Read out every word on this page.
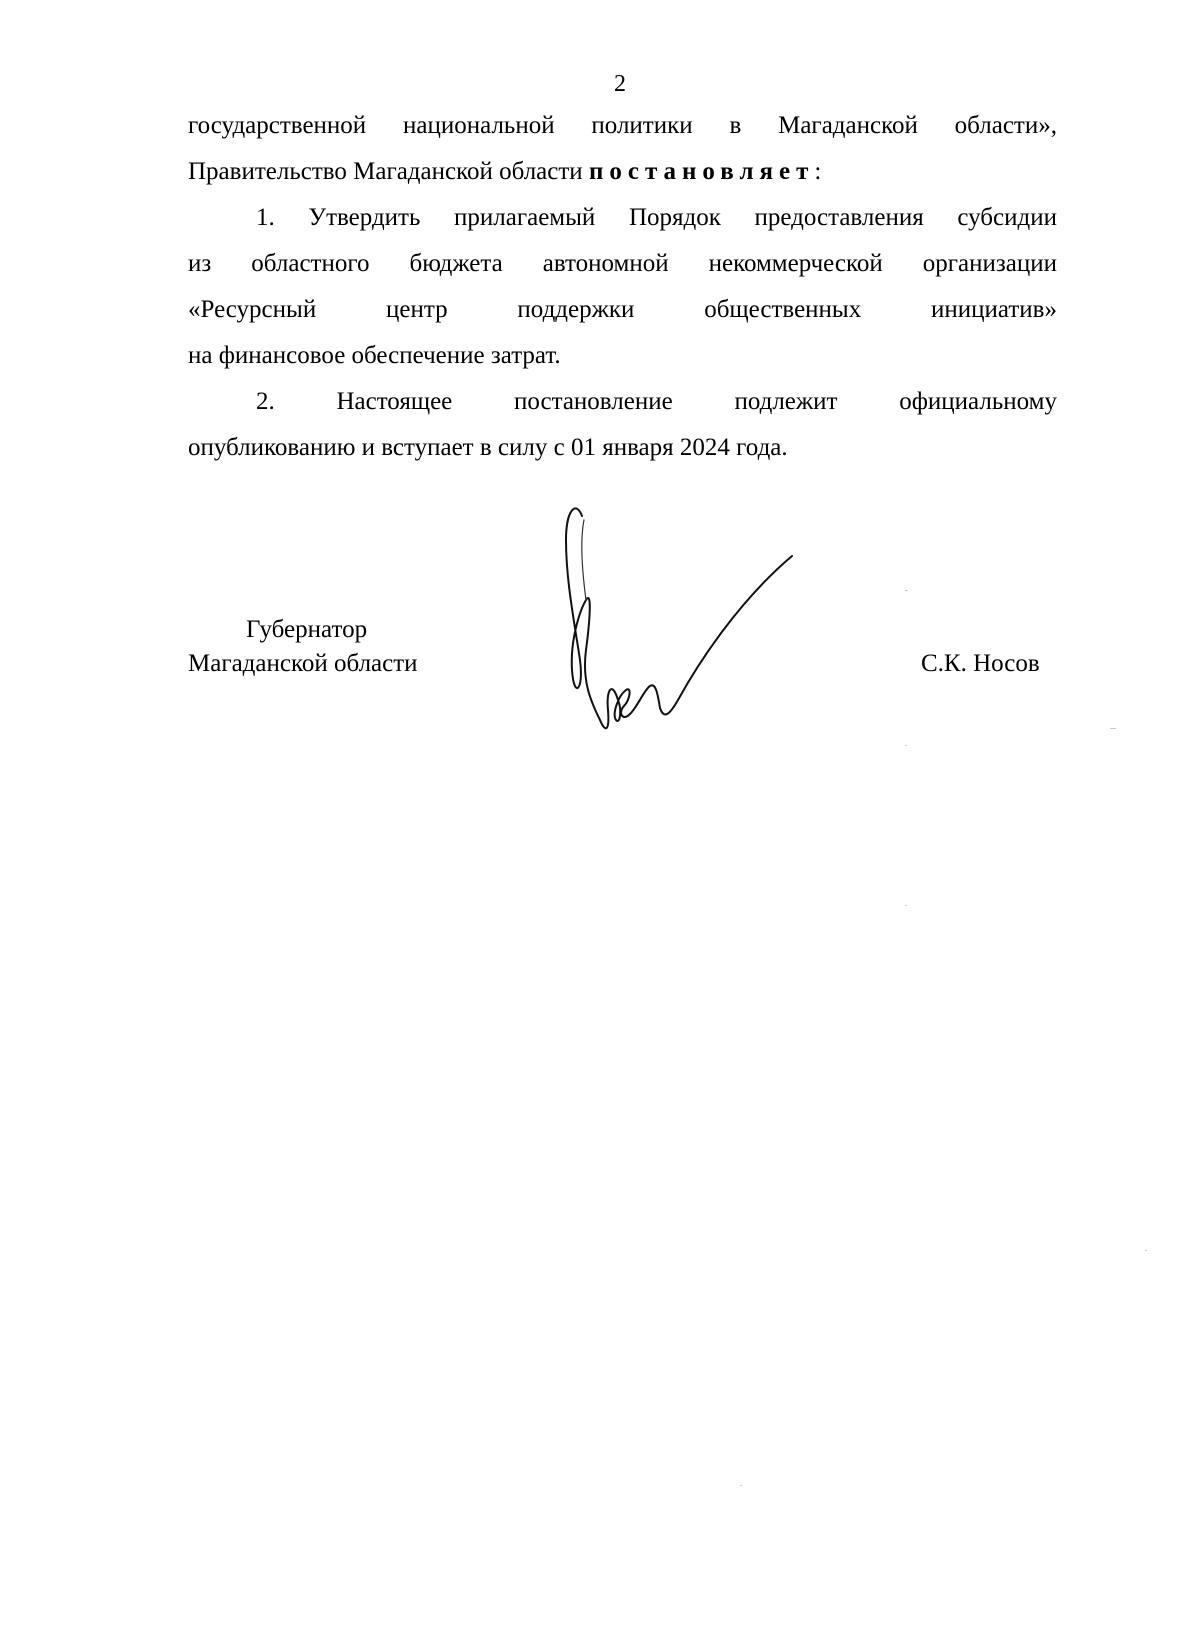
2
государственной национальной политики в Магаданской области»,
Правительство Магаданской области постановляет:
1. Утвердить прилагаемый Порядок предоставления субсидии
из областного бюджета автономной некоммерческой организации
«Ресурсный	центр	поддержки	общественных	инициатив»
на финансовое обеспечение затрат.
2. Настоящее постановление подлежит официальному
опубликованию и вступает в силу с 01 января 2024 года.
Губернатор
Магаданской области	С.К. Носов
